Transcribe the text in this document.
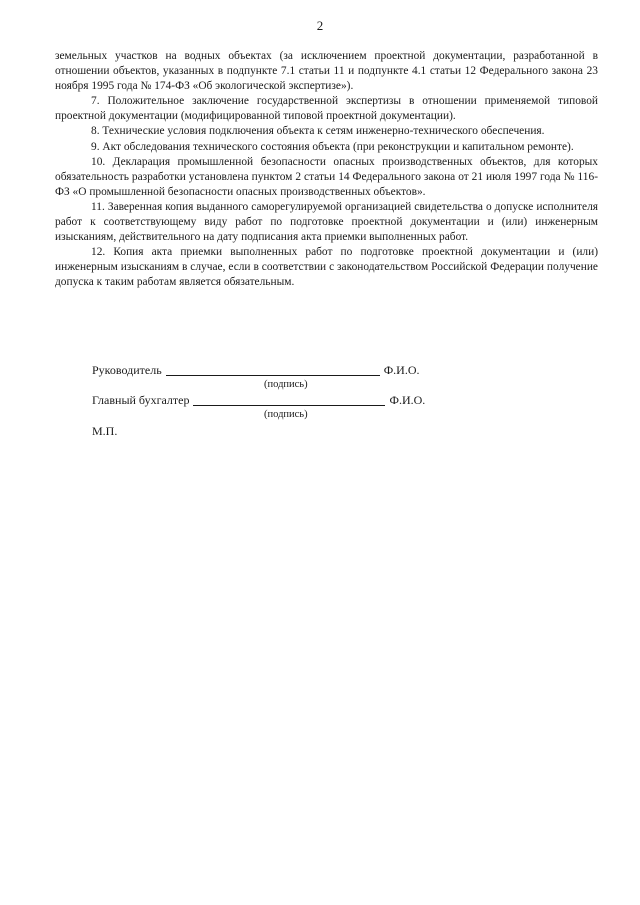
2

земельных участков на водных объектах (за исключением проектной документации, разработанной в отношении объектов, указанных в подпункте 7.1 статьи 11 и подпункте 4.1 статьи 12 Федерального закона 23 ноября 1995 года № 174-ФЗ «Об экологической экспертизе»).

7. Положительное заключение государственной экспертизы в отношении применяемой типовой проектной документации (модифицированной типовой проектной документации).

8. Технические условия подключения объекта к сетям инженерно-технического обеспечения.

9. Акт обследования технического состояния объекта (при реконструкции и капитальном ремонте).

10. Декларация промышленной безопасности опасных производственных объектов, для которых обязательность разработки установлена пунктом 2 статьи 14 Федерального закона от 21 июля 1997 года № 116-ФЗ «О промышленной безопасности опасных производственных объектов».

11. Заверенная копия выданного саморегулируемой организацией свидетельства о допуске исполнителя работ к соответствующему виду работ по подготовке проектной документации и (или) инженерным изысканиям, действительного на дату подписания акта приемки выполненных работ.

12. Копия акта приемки выполненных работ по подготовке проектной документации и (или) инженерным изысканиям в случае, если в соответствии с законодательством Российской Федерации получение допуска к таким работам является обязательным.

Руководитель	Ф.И.О.
(подпись)
Главный бухгалтер	Ф.И.О.
(подпись)
М.П.
